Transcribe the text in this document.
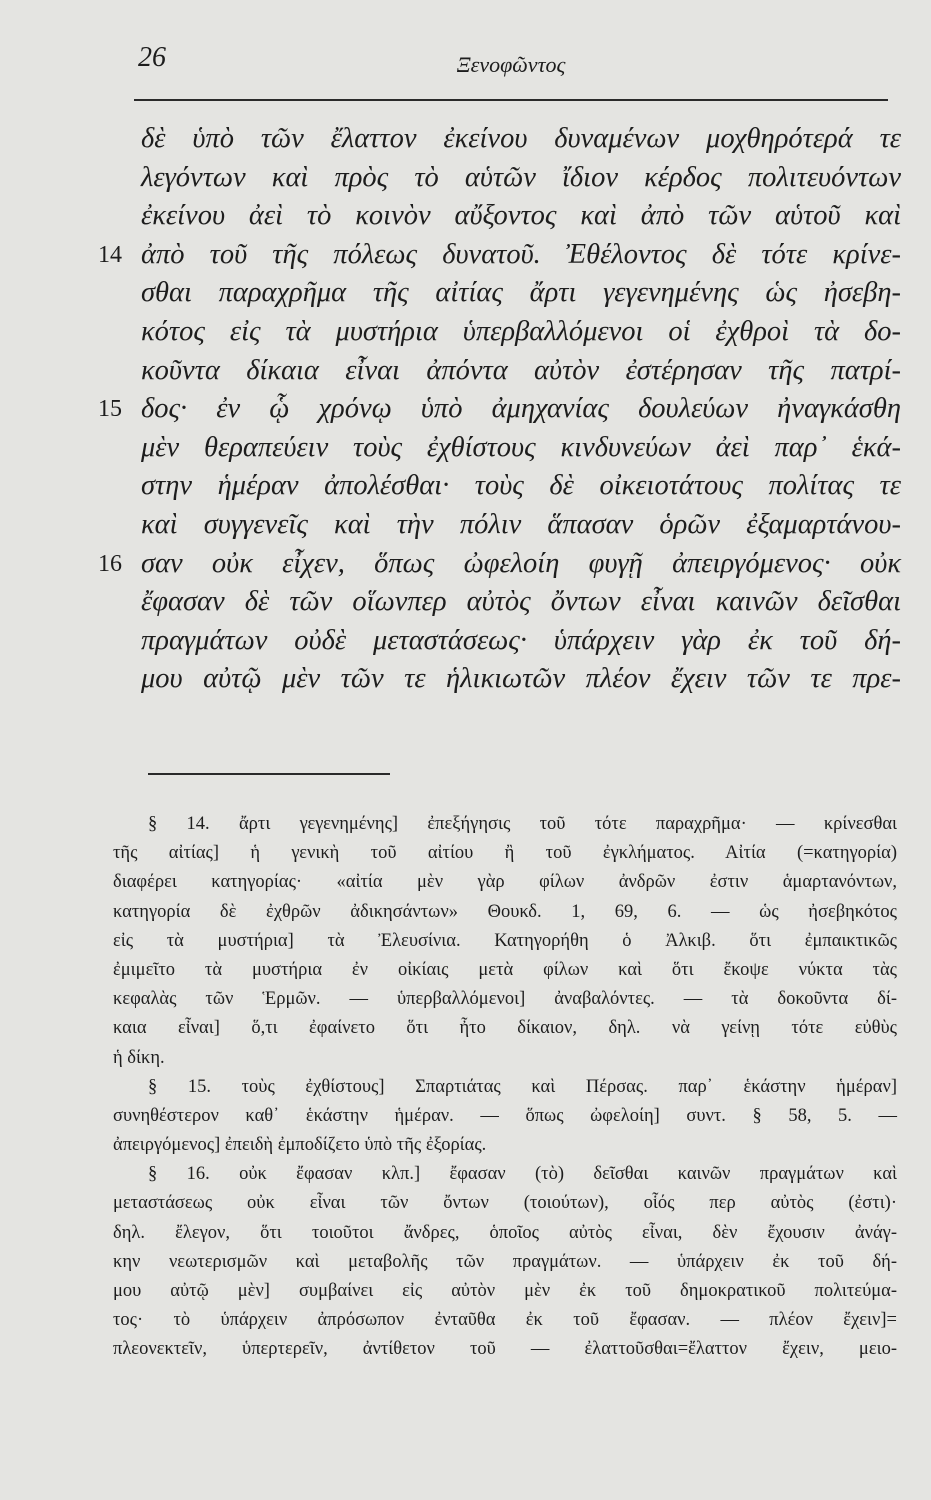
26	Ξενοφῶντος
δὲ ὑπὸ τῶν ἔλαττον ἐκείνου δυναμένων μοχθηρότερά τε
λεγόντων καὶ πρὸς τὸ αὑτῶν ἴδιον κέρδος πολιτευόντων
ἐκείνου ἀεὶ τὸ κοινὸν αὔξοντος καὶ ἀπὸ τῶν αὑτοῦ καὶ
14 ἀπὸ τοῦ τῆς πόλεως δυνατοῦ. Ἐθέλοντος δὲ τότε κρίνε-
σθαι παραχρῆμα τῆς αἰτίας ἄρτι γεγενημένης ὡς ἠσεβη-
κότος εἰς τὰ μυστήρια ὑπερβαλλόμενοι οἱ ἐχθροὶ τὰ δο-
κοῦντα δίκαια εἶναι ἀπόντα αὐτὸν ἐστέρησαν τῆς πατρί-
15 δος· ἐν ᾧ χρόνῳ ὑπὸ ἀμηχανίας δουλεύων ἠναγκάσθη
μὲν θεραπεύειν τοὺς ἐχθίστους κινδυνεύων ἀεὶ παρ᾽ ἑκά-
στην ἡμέραν ἀπολέσθαι· τοὺς δὲ οἰκειοτάτους πολίτας τε
καὶ συγγενεῖς καὶ τὴν πόλιν ἅπασαν ὁρῶν ἐξαμαρτάνου-
16 σαν οὐκ εἶχεν, ὅπως ὠφελοίη φυγῇ ἀπειργόμενος· οὐκ
ἔφασαν δὲ τῶν οἵωνπερ αὐτὸς ὄντων εἶναι καινῶν δεῖσθαι
πραγμάτων οὐδὲ μεταστάσεως· ὑπάρχειν γὰρ ἐκ τοῦ δή-
μου αὐτῷ μὲν τῶν τε ἡλικιωτῶν πλέον ἔχειν τῶν τε πρε-
§ 14. ἄρτι γεγενημένης] ἐπεξήγησις τοῦ τότε παραχρῆμα· — κρίνεσθαι
τῆς αἰτίας] ἡ γενικὴ τοῦ αἰτίου ἢ τοῦ ἐγκλήματος. Αἰτία (=κατηγορία)
διαφέρει κατηγορίας· «αἰτία μὲν γὰρ φίλων ἀνδρῶν ἐστιν ἁμαρτανόντων,
κατηγορία δὲ ἐχθρῶν ἀδικησάντων» Θουκδ. 1, 69, 6. — ὡς ἠσεβηκότος
εἰς τὰ μυστήρια] τὰ Ἐλευσίνια. Κατηγορήθη ὁ Ἀλκιβ. ὅτι ἐμπαικτικῶς
ἐμιμεῖτο τὰ μυστήρια ἐν οἰκίαις μετὰ φίλων καὶ ὅτι ἔκοψε νύκτα τὰς
κεφαλὰς τῶν Ἑρμῶν. — ὑπερβαλλόμενοι] ἀναβαλόντες. — τὰ δοκοῦντα δί-
καια εἶναι] ὅ,τι ἐφαίνετο ὅτι ἦτο δίκαιον, δηλ. νὰ γείνῃ τότε εὐθὺς
ἡ δίκη.
§ 15. τοὺς ἐχθίστους] Σπαρτιάτας καὶ Πέρσας. παρ᾽ ἑκάστην ἡμέραν]
συνηθέστερον καθ᾽ ἑκάστην ἡμέραν. — ὅπως ὠφελοίη] συντ. § 58, 5. —
ἀπειργόμενος] ἐπειδὴ ἐμποδίζετο ὑπὸ τῆς ἐξορίας.
§ 16. οὐκ ἔφασαν κλπ.] ἔφασαν (τὸ) δεῖσθαι καινῶν πραγμάτων καὶ
μεταστάσεως οὐκ εἶναι τῶν ὄντων (τοιούτων), οἷός περ αὐτὸς (ἐστι)·
δηλ. ἔλεγον, ὅτι τοιοῦτοι ἄνδρες, ὁποῖος αὐτὸς εἶναι, δὲν ἔχουσιν ἀνάγ-
κην νεωτερισμῶν καὶ μεταβολῆς τῶν πραγμάτων. — ὑπάρχειν ἐκ τοῦ δή-
μου αὐτῷ μὲν] συμβαίνει εἰς αὐτὸν μὲν ἐκ τοῦ δημοκρατικοῦ πολιτεύμα-
τος· τὸ ὑπάρχειν ἀπρόσωπον ἐνταῦθα ἐκ τοῦ ἔφασαν. — πλέον ἔχειν]=
πλεονεκτεῖν, ὑπερτερεῖν, ἀντίθετον τοῦ — ἐλαττοῦσθαι=ἔλαττον ἔχειν, μειο-
